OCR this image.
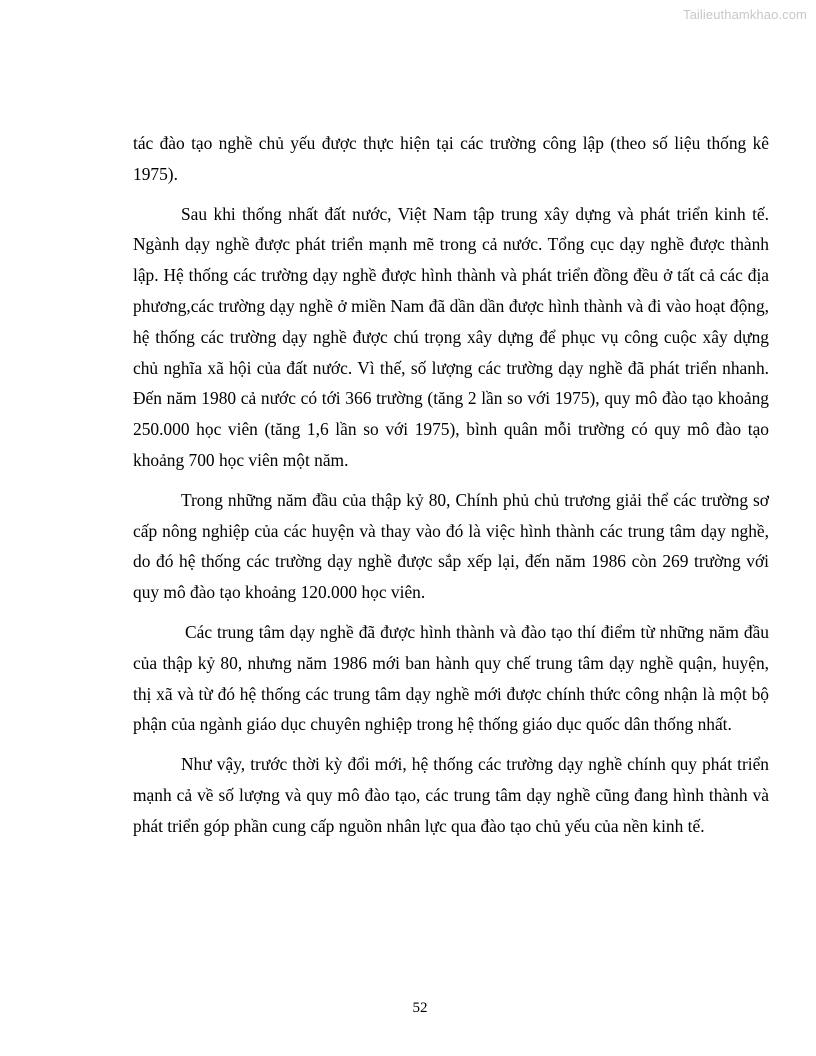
Tailieuthamkhao.com

tác đào tạo nghề chủ yếu được thực hiện tại các trường công lập (theo số liệu thống kê 1975).

Sau khi thống nhất đất nước, Việt Nam tập trung xây dựng và phát triển kinh tế. Ngành dạy nghề được phát triển mạnh mẽ trong cả nước. Tổng cục dạy nghề được thành lập. Hệ thống các trường dạy nghề được hình thành và phát triển đồng đều ở tất cả các địa phương,các trường dạy nghề ở miền Nam đã dần dần được hình thành và đi vào hoạt động, hệ thống các trường dạy nghề được chú trọng xây dựng để phục vụ công cuộc xây dựng chủ nghĩa xã hội của đất nước. Vì thế, số lượng các trường dạy nghề đã phát triển nhanh. Đến năm 1980 cả nước có tới 366 trường (tăng 2 lần so với 1975), quy mô đào tạo khoảng 250.000 học viên (tăng 1,6 lần so với 1975), bình quân mỗi trường có quy mô đào tạo khoảng 700 học viên một năm.

Trong những năm đầu của thập kỷ 80, Chính phủ chủ trương giải thể các trường sơ cấp nông nghiệp của các huyện và thay vào đó là việc hình thành các trung tâm dạy nghề, do đó hệ thống các trường dạy nghề được sắp xếp lại, đến năm 1986 còn 269 trường với quy mô đào tạo khoảng 120.000 học viên.

Các trung tâm dạy nghề đã được hình thành và đào tạo thí điểm từ những năm đầu của thập kỷ 80, nhưng năm 1986 mới ban hành quy chế trung tâm dạy nghề quận, huyện, thị xã và từ đó hệ thống các trung tâm dạy nghề mới được chính thức công nhận là một bộ phận của ngành giáo dục chuyên nghiệp trong hệ thống giáo dục quốc dân thống nhất.

Như vậy, trước thời kỳ đổi mới, hệ thống các trường dạy nghề chính quy phát triển mạnh cả về số lượng và quy mô đào tạo, các trung tâm dạy nghề cũng đang hình thành và phát triển góp phần cung cấp nguồn nhân lực qua đào tạo chủ yếu của nền kinh tế.

52
